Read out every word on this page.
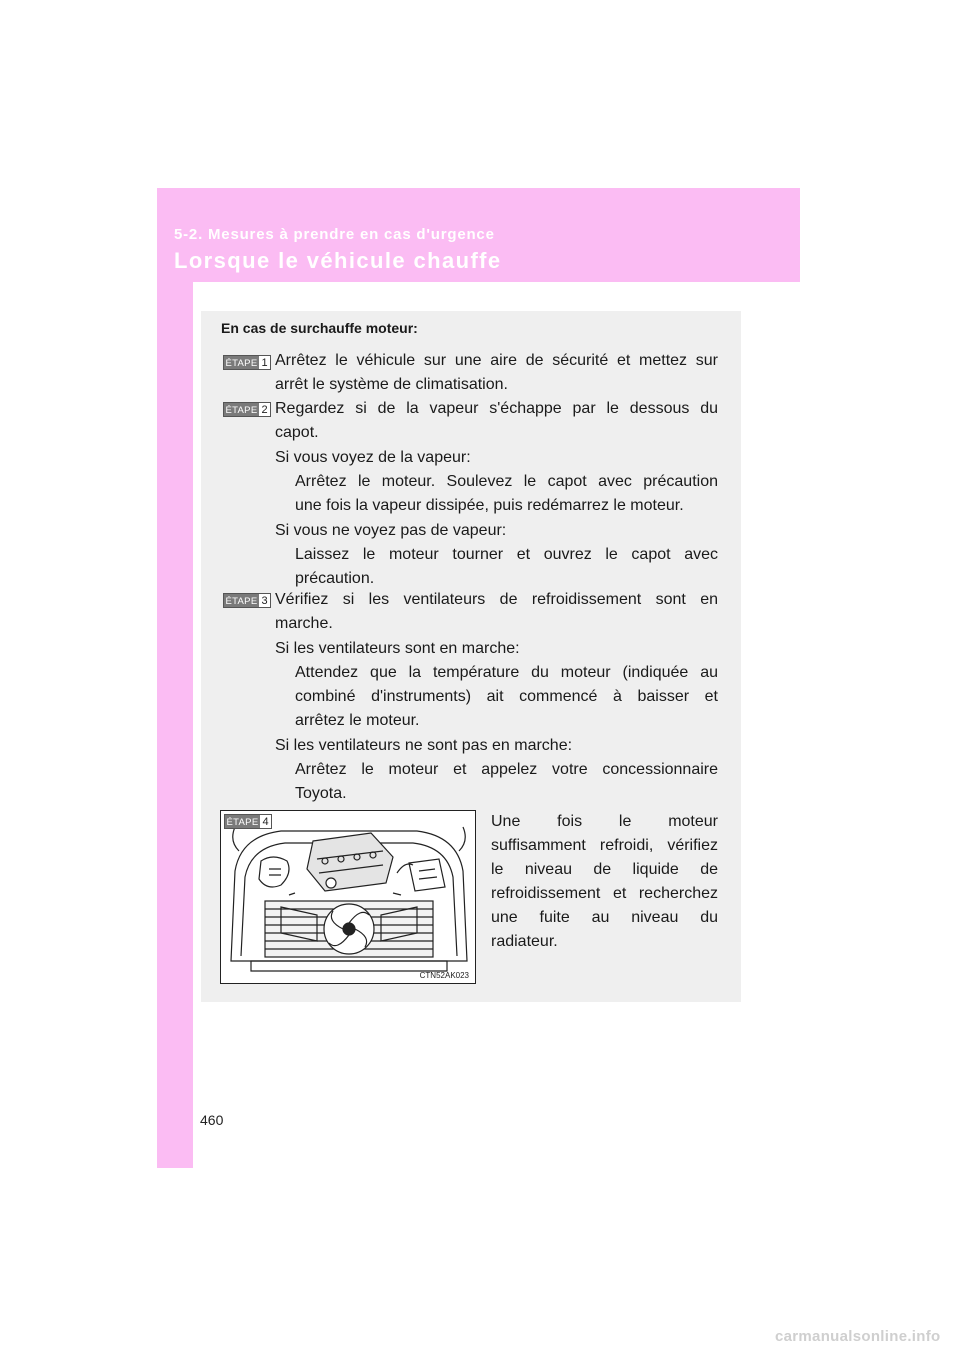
5-2. Mesures à prendre en cas d'urgence
Lorsque le véhicule chauffe
En cas de surchauffe moteur:
ÉTAPE 1 Arrêtez le véhicule sur une aire de sécurité et mettez sur
arrêt le système de climatisation.
ÉTAPE 2 Regardez si de la vapeur s'échappe par le dessous du
capot.
Si vous voyez de la vapeur:
Arrêtez le moteur. Soulevez le capot avec précaution
une fois la vapeur dissipée, puis redémarrez le moteur.
Si vous ne voyez pas de vapeur:
Laissez le moteur tourner et ouvrez le capot avec
précaution.
ÉTAPE 3 Vérifiez si les ventilateurs de refroidissement sont en
marche.
Si les ventilateurs sont en marche:
Attendez que la température du moteur (indiquée au
combiné d'instruments) ait commencé à baisser et
arrêtez le moteur.
Si les ventilateurs ne sont pas en marche:
Arrêtez le moteur et appelez votre concessionnaire
Toyota.
ÉTAPE 4
CTN52AK023
Une fois le moteur
suffisamment refroidi, vérifiez
le niveau de liquide de
refroidissement et recherchez
une fuite au niveau du
radiateur.
460
carmanualsonline.info
